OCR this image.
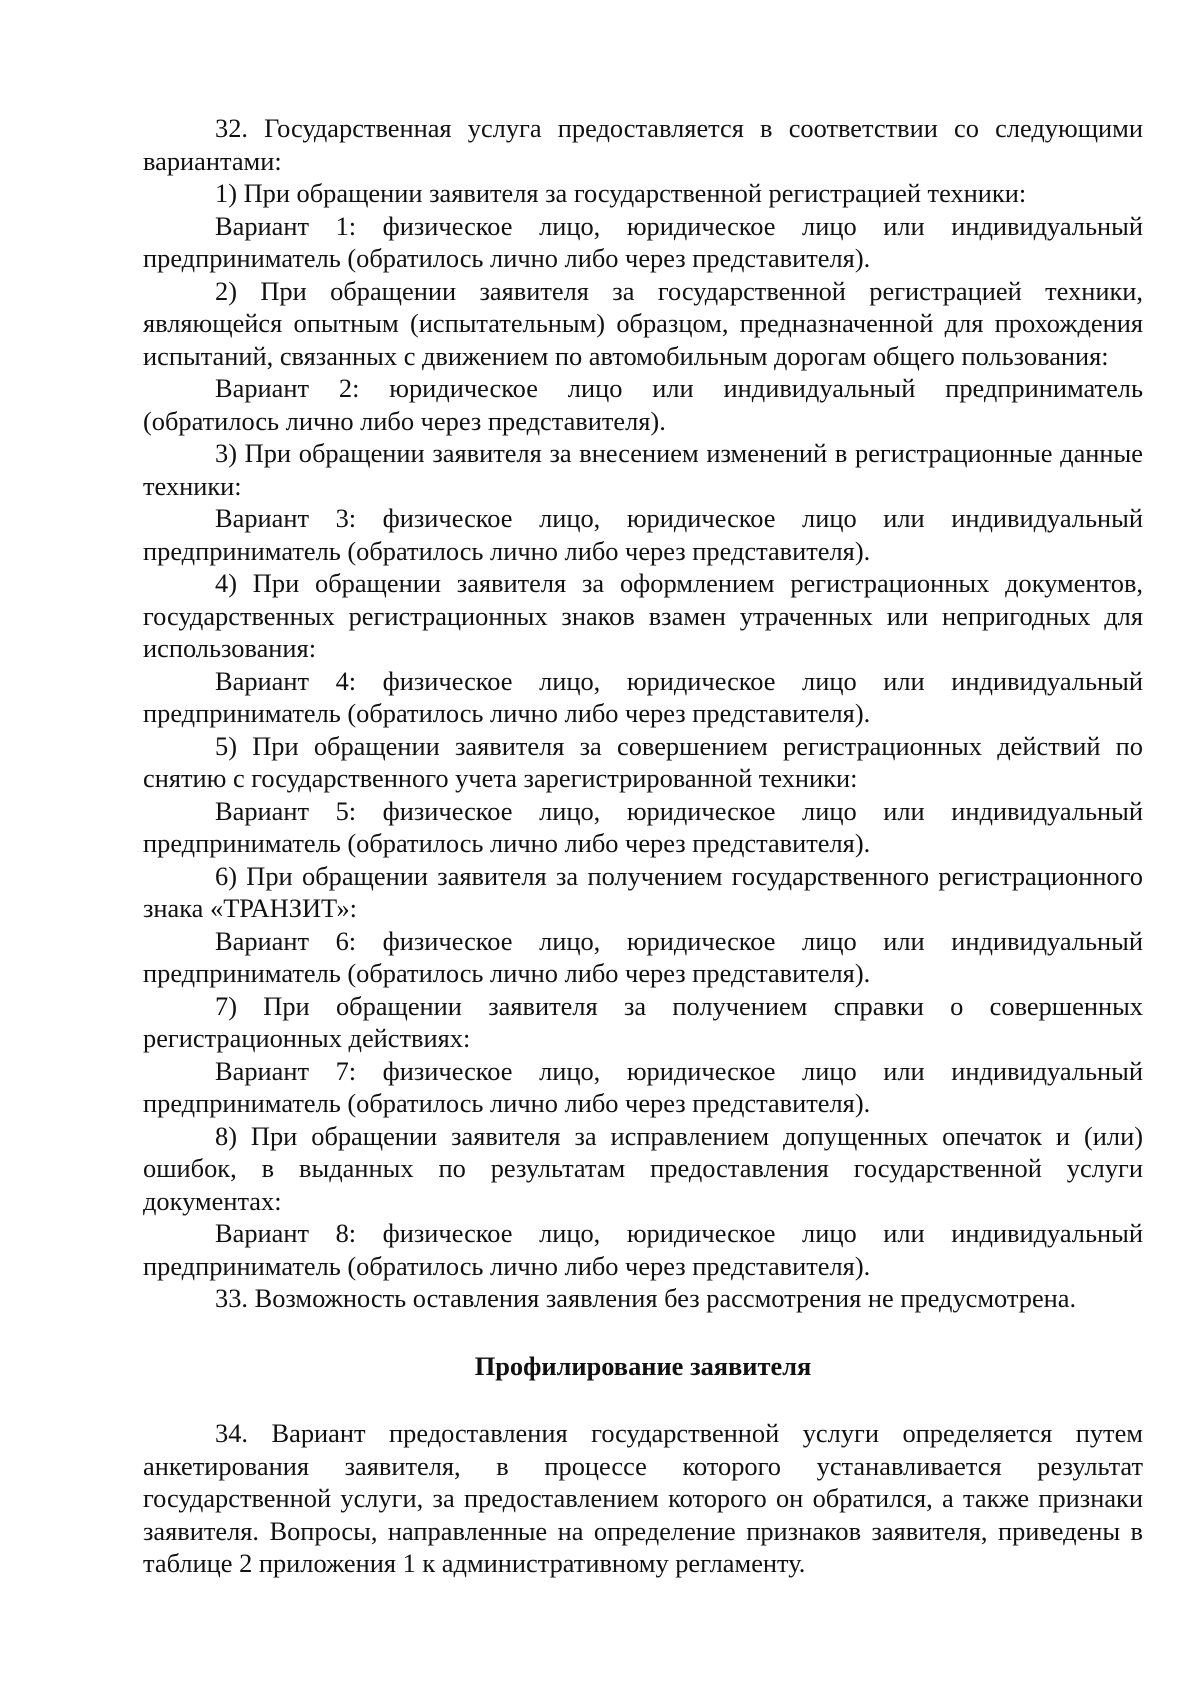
32. Государственная услуга предоставляется в соответствии со следующими вариантами:

1) При обращении заявителя за государственной регистрацией техники:

Вариант 1: физическое лицо, юридическое лицо или индивидуальный предприниматель (обратилось лично либо через представителя).

2) При обращении заявителя за государственной регистрацией техники, являющейся опытным (испытательным) образцом, предназначенной для прохождения испытаний, связанных с движением по автомобильным дорогам общего пользования:

Вариант 2: юридическое лицо или индивидуальный предприниматель (обратилось лично либо через представителя).

3) При обращении заявителя за внесением изменений в регистрационные данные техники:

Вариант 3: физическое лицо, юридическое лицо или индивидуальный предприниматель (обратилось лично либо через представителя).

4) При обращении заявителя за оформлением регистрационных документов, государственных регистрационных знаков взамен утраченных или непригодных для использования:

Вариант 4: физическое лицо, юридическое лицо или индивидуальный предприниматель (обратилось лично либо через представителя).

5) При обращении заявителя за совершением регистрационных действий по снятию с государственного учета зарегистрированной техники:

Вариант 5: физическое лицо, юридическое лицо или индивидуальный предприниматель (обратилось лично либо через представителя).

6) При обращении заявителя за получением государственного регистрационного знака «ТРАНЗИТ»:

Вариант 6: физическое лицо, юридическое лицо или индивидуальный предприниматель (обратилось лично либо через представителя).

7) При обращении заявителя за получением справки о совершенных регистрационных действиях:

Вариант 7: физическое лицо, юридическое лицо или индивидуальный предприниматель (обратилось лично либо через представителя).

8) При обращении заявителя за исправлением допущенных опечаток и (или) ошибок, в выданных по результатам предоставления государственной услуги документах:

Вариант 8: физическое лицо, юридическое лицо или индивидуальный предприниматель (обратилось лично либо через представителя).

33. Возможность оставления заявления без рассмотрения не предусмотрена.

Профилирование заявителя

34. Вариант предоставления государственной услуги определяется путем анкетирования заявителя, в процессе которого устанавливается результат государственной услуги, за предоставлением которого он обратился, а также признаки заявителя. Вопросы, направленные на определение признаков заявителя, приведены в таблице 2 приложения 1 к административному регламенту.
